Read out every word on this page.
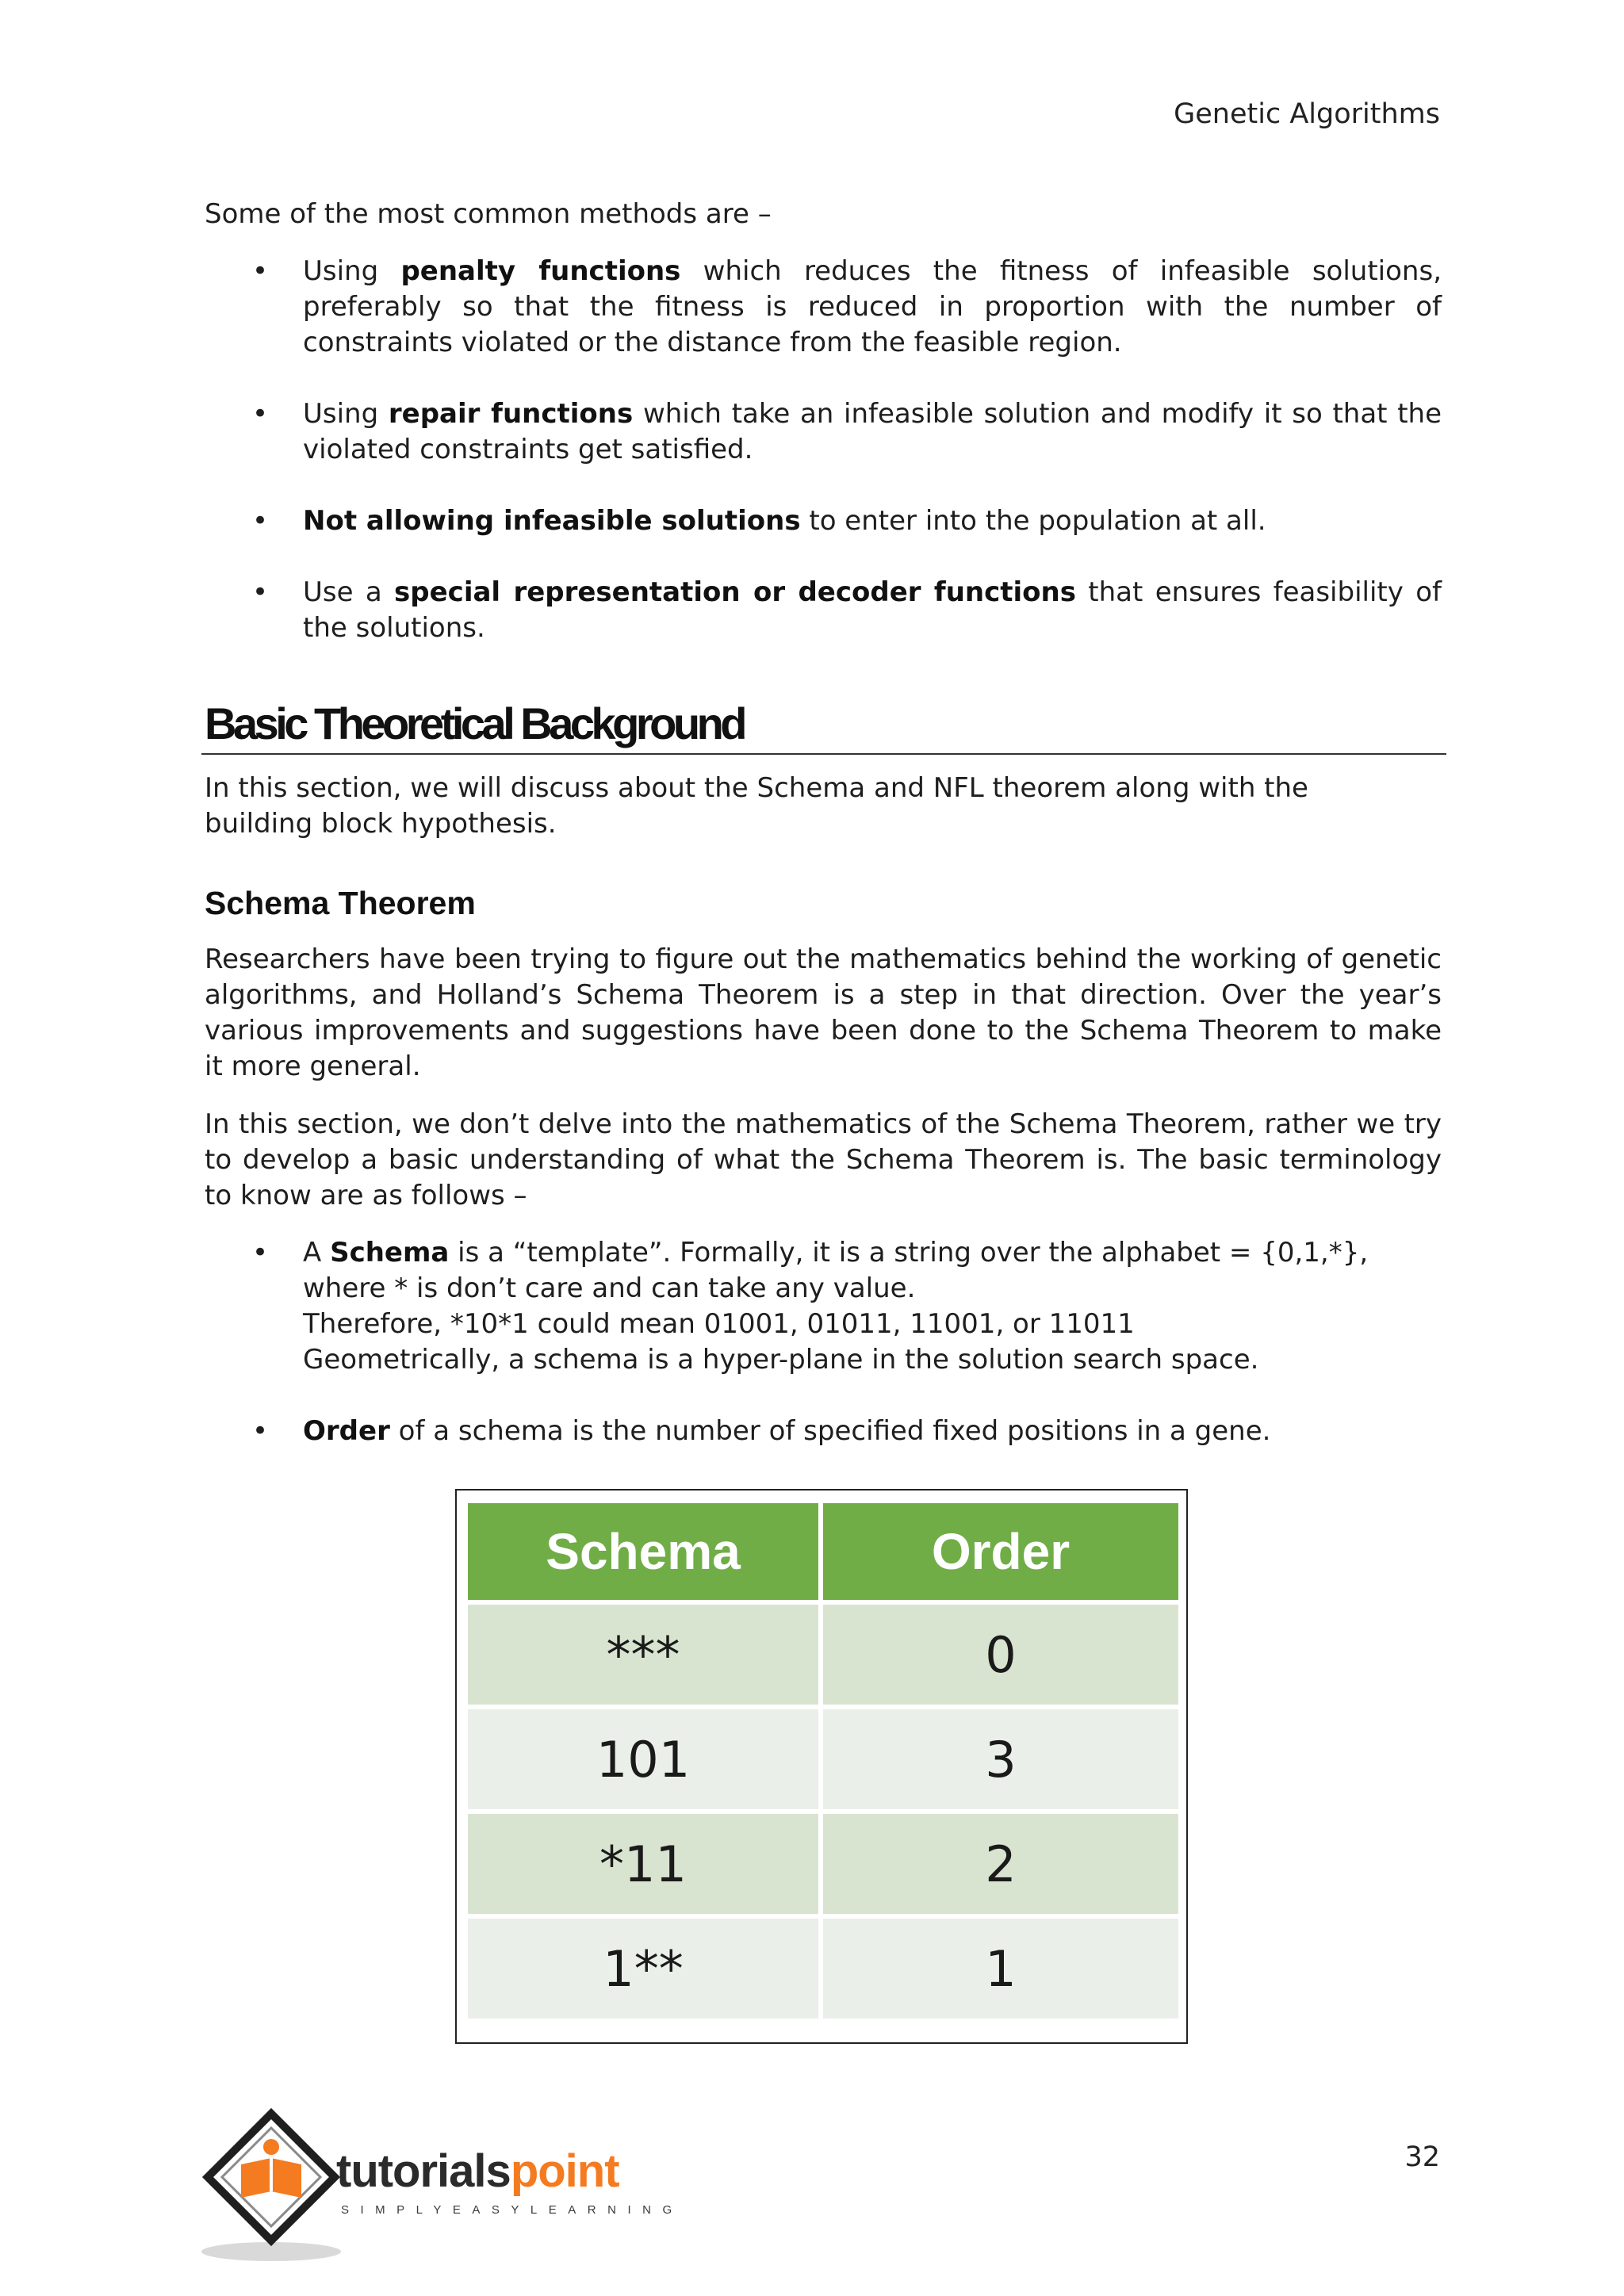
Genetic Algorithms
Some of the most common methods are –
• Using penalty functions which reduces the fitness of infeasible solutions, preferably so that the fitness is reduced in proportion with the number of constraints violated or the distance from the feasible region.
• Using repair functions which take an infeasible solution and modify it so that the violated constraints get satisfied.
• Not allowing infeasible solutions to enter into the population at all.
• Use a special representation or decoder functions that ensures feasibility of the solutions.
Basic Theoretical Background
In this section, we will discuss about the Schema and NFL theorem along with the building block hypothesis.
Schema Theorem
Researchers have been trying to figure out the mathematics behind the working of genetic algorithms, and Holland’s Schema Theorem is a step in that direction. Over the year’s various improvements and suggestions have been done to the Schema Theorem to make it more general.
In this section, we don’t delve into the mathematics of the Schema Theorem, rather we try to develop a basic understanding of what the Schema Theorem is. The basic terminology to know are as follows –
• A Schema is a “template”. Formally, it is a string over the alphabet = {0,1,*},
where * is don’t care and can take any value.
Therefore, *10*1 could mean 01001, 01011, 11001, or 11011
Geometrically, a schema is a hyper-plane in the solution search space.
• Order of a schema is the number of specified fixed positions in a gene.
Schema	Order
***	0
101	3
*11	2
1**	1
tutorialspoint
SIMPLYEASYLEARNING
32
